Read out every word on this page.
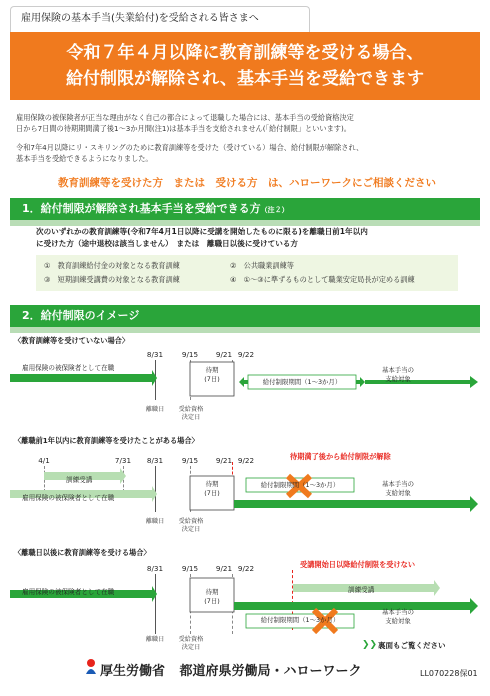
雇用保険の基本手当(失業給付)を受給される皆さまへ
令和７年４月以降に教育訓練等を受ける場合、
給付制限が解除され、基本手当を受給できます
雇用保険の被保険者が正当な理由がなく自己の都合によって退職した場合には、基本手当の受給資格決定
日から7日間の待期期間満了後1～3か月間(注1)は基本手当を支給されません(「給付制限」といいます)。
令和7年4月以降にリ・スキリングのために教育訓練等を受けた（受けている）場合、給付制限が解除され、
基本手当を受給できるようになりました。
教育訓練等を受けた方　または　受ける方　は、ハローワークにご相談ください
1．給付制限が解除され基本手当を受給できる方（注２）
次のいずれかの教育訓練等(令和7年4月1日以降に受講を開始したものに限る)を離職日前1年以内
に受けた方（途中退校は該当しません）　または　離職日以後に受けている方
①　教育訓練給付金の対象となる教育訓練	②　公共職業訓練等
③　短期訓練受講費の対象となる教育訓練	④　①～③に準ずるものとして職業安定局長が定める訓練
2．給付制限のイメージ
〈教育訓練等を受けていない場合〉
8/31	9/15	9/21 9/22
雇用保険の被保険者として在職	待期
(7日)	給付制限期間（1～3か月）
基本手当の
支給対象
離職日	受給資格
決定日
〈離職前1年以内に教育訓練等を受けたことがある場合〉
待期満了後から給付制限が解除
4/1	7/31	8/31	9/15	9/21 9/22
訓練受講
雇用保険の被保険者として在職
待期
(7日)
給付制限期間（1～3か月）	基本手当の
支給対象
離職日	受給資格
決定日
〈離職日以後に教育訓練等を受ける場合〉
受講開始日以降給付制限を受けない
8/31	9/15	9/21 9/22
雇用保険の被保険者として在職	訓練受講
待期
(7日)
給付制限期間（1～3か月）
基本手当の
支給対象
離職日	受給資格
決定日	❯❯ 裏面もご覧ください
厚生労働省 都道府県労働局・ハローワーク	LL070228保01
